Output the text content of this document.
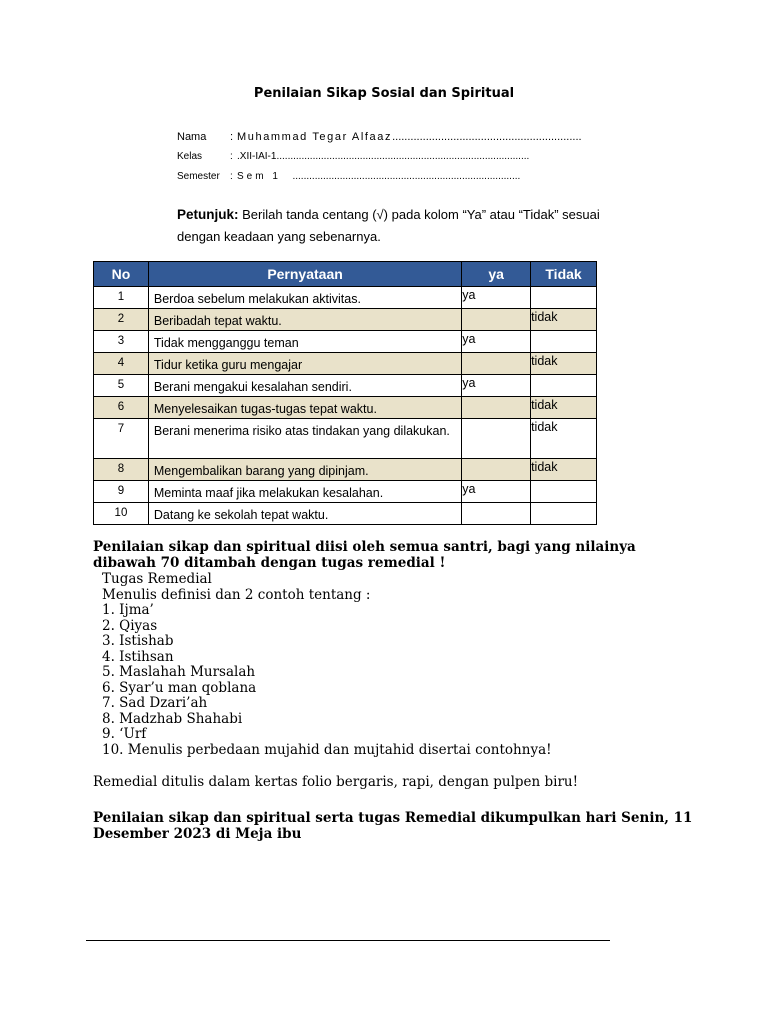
Penilaian Sikap Sosial dan Spiritual
Nama : Muhammad Tegar Alfaaz..............................................................
Kelas	: .XII-IAI-1...........................................................................................
Semester : Sem 1 ..................................................................................
Petunjuk: Berilah tanda centang (√) pada kolom “Ya” atau “Tidak” sesuai dengan keadaan yang sebenarnya.
No	Pernyataan	ya	Tidak
1	Berdoa sebelum melakukan aktivitas.	ya	
2	Beribadah tepat waktu.		tidak
3	Tidak mengganggu teman	ya	
4	Tidur ketika guru mengajar		tidak
5	Berani mengakui kesalahan sendiri.	ya	
6	Menyelesaikan tugas-tugas tepat waktu.		tidak
7	Berani menerima risiko atas tindakan yang dilakukan.		tidak
8	Mengembalikan barang yang dipinjam.		tidak
9	Meminta maaf jika melakukan kesalahan.	ya	
10	Datang ke sekolah tepat waktu.		
Penilaian sikap dan spiritual diisi oleh semua santri, bagi yang nilainya dibawah 70 ditambah dengan tugas remedial !
Tugas Remedial
Menulis definisi dan 2 contoh tentang :
1. Ijma’
2. Qiyas
3. Istishab
4. Istihsan
5. Maslahah Mursalah
6. Syar’u man qoblana
7. Sad Dzari’ah
8. Madzhab Shahabi
9. ‘Urf
10. Menulis perbedaan mujahid dan mujtahid disertai contohnya!
Remedial ditulis dalam kertas folio bergaris, rapi, dengan pulpen biru!
Penilaian sikap dan spiritual serta tugas Remedial dikumpulkan hari Senin, 11 Desember 2023 di Meja ibu
